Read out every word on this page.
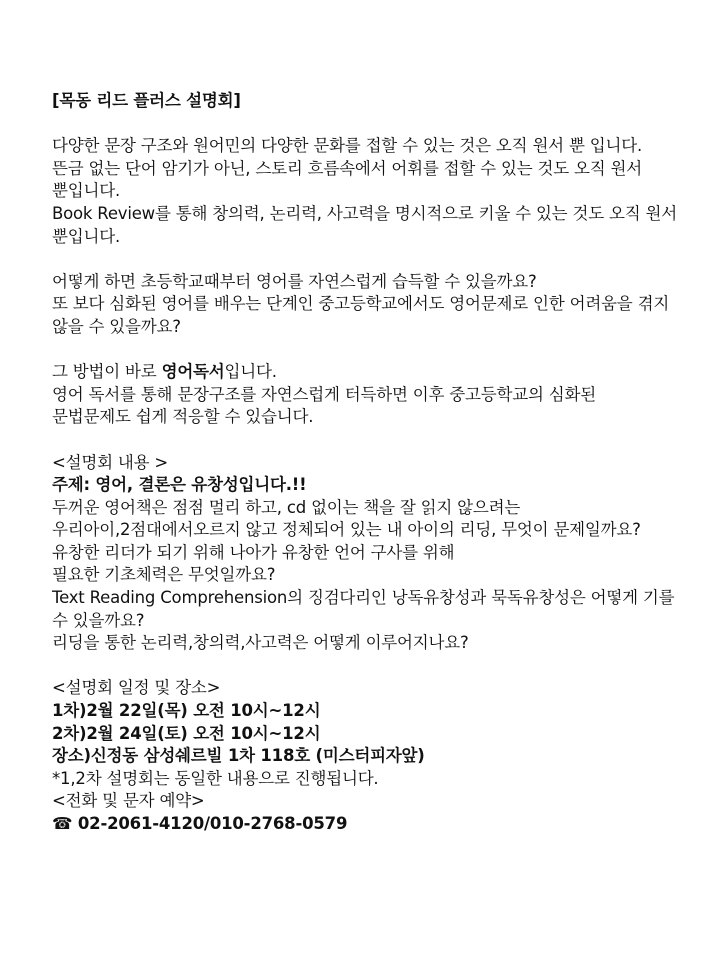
[목동 리드 플러스 설명회]

다양한 문장 구조와 원어민의 다양한 문화를 접할 수 있는 것은 오직 원서 뿐 입니다.

뜬금 없는 단어 암기가 아닌, 스토리 흐름속에서 어휘를 접할 수 있는 것도 오직 원서 뿐입니다.

Book Review를 통해 창의력, 논리력, 사고력을 명시적으로 키울 수 있는 것도 오직 원서 뿐입니다.

어떻게 하면 초등학교때부터 영어를 자연스럽게 습득할 수 있을까요?

또 보다 심화된 영어를 배우는 단계인 중고등학교에서도 영어문제로 인한 어려움을 겪지 않을 수 있을까요?

그 방법이 바로 영어독서입니다.

영어 독서를 통해 문장구조를 자연스럽게 터득하면 이후 중고등학교의 심화된 문법문제도 쉽게 적응할 수 있습니다.

<설명회 내용 >

주제: 영어, 결론은 유창성입니다.!!

두꺼운 영어책은 점점 멀리 하고, cd 없이는 책을 잘 읽지 않으려는 우리아이,2점대에서오르지 않고 정체되어 있는 내 아이의 리딩, 무엇이 문제일까요?

유창한 리더가 되기 위해 나아가 유창한 언어 구사를 위해

필요한 기초체력은 무엇일까요?

Text Reading Comprehension의 징검다리인 낭독유창성과 묵독유창성은 어떻게 기를 수 있을까요?

리딩을 통한 논리력,창의력,사고력은 어떻게 이루어지나요?

<설명회 일정 및 장소>

1차)2월 22일(목) 오전 10시~12시

2차)2월 24일(토) 오전 10시~12시

장소)신정동 삼성쉐르빌 1차 118호 (미스터피자앞)

*1,2차 설명회는 동일한 내용으로 진행됩니다.

<전화 및 문자 예약>

☎ 02-2061-4120/010-2768-0579
